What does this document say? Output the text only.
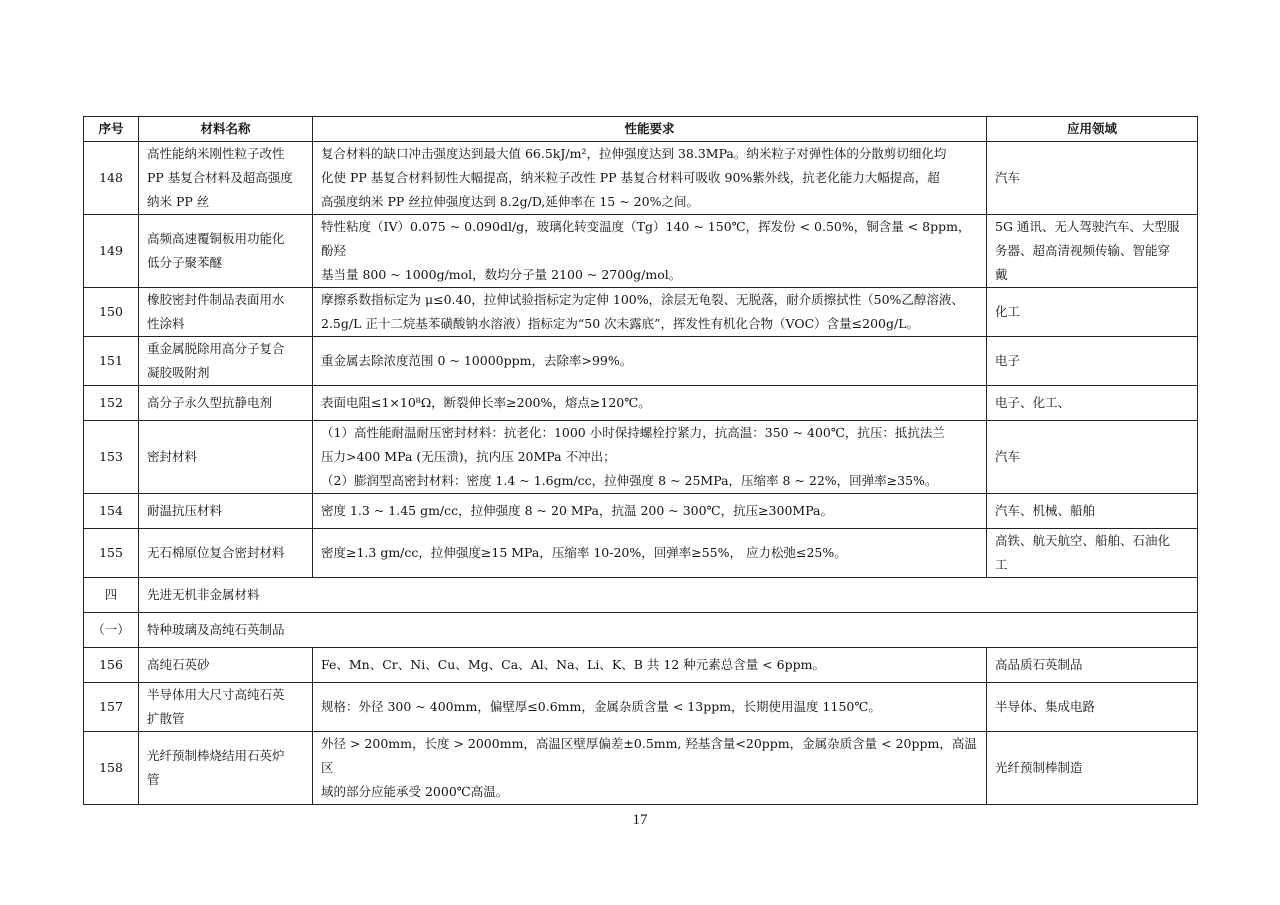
序号	材料名称	性能要求	应用领域
148	高性能纳米刚性粒子改性
PP 基复合材料及超高强度
纳米 PP 丝	复合材料的缺口冲击强度达到最大值 66.5kJ/m²，拉伸强度达到 38.3MPa。纳米粒子对弹性体的分散剪切细化均
化使 PP 基复合材料韧性大幅提高，纳米粒子改性 PP 基复合材料可吸收 90%紫外线，抗老化能力大幅提高，超
高强度纳米 PP 丝拉伸强度达到 8.2g/D,延伸率在 15 ~ 20%之间。	汽车

149	高频高速覆铜板用功能化
低分子聚苯醚	特性粘度（IV）0.075 ~ 0.090dl/g，玻璃化转变温度（Tg）140 ~ 150℃，挥发份 < 0.50%，铜含量 < 8ppm，酚羟
基当量 800 ~ 1000g/mol，数均分子量 2100 ~ 2700g/mol。	5G 通讯、无人驾驶汽车、大型服
务器、超高清视频传输、智能穿
戴

150	橡胶密封件制品表面用水
性涂料	摩擦系数指标定为 μ≤0.40，拉伸试验指标定为定伸 100%，涂层无龟裂、无脱落，耐介质擦拭性（50%乙醇溶液、
2.5g/L 正十二烷基苯磺酸钠水溶液）指标定为“50 次未露底”，挥发性有机化合物（VOC）含量≤200g/L。	化工

151	重金属脱除用高分子复合
凝胶吸附剂	重金属去除浓度范围 0 ~ 10000ppm，去除率>99%。	电子

152	高分子永久型抗静电剂	表面电阻≤1×10⁸Ω，断裂伸长率≥200%，熔点≥120℃。	电子、化工、

153	密封材料	（1）高性能耐温耐压密封材料：抗老化：1000 小时保持螺栓拧紧力，抗高温：350 ~ 400℃，抗压：抵抗法兰
压力>400 MPa (无压溃)，抗内压 20MPa 不冲出；
（2）膨润型高密封材料：密度 1.4 ~ 1.6gm/cc，拉伸强度 8 ~ 25MPa，压缩率 8 ~ 22%，回弹率≥35%。	汽车

154	耐温抗压材料	密度 1.3 ~ 1.45 gm/cc，拉伸强度 8 ~ 20 MPa，抗温 200 ~ 300℃，抗压≥300MPa。	汽车、机械、船舶

155	无石棉原位复合密封材料	密度≥1.3 gm/cc，拉伸强度≥15 MPa，压缩率 10-20%，回弹率≥55%， 应力松弛≤25%。	高铁、航天航空、船舶、石油化
工

四	先进无机非金属材料		
（一）	特种玻璃及高纯石英制品		
156	高纯石英砂	Fe、Mn、Cr、Ni、Cu、Mg、Ca、Al、Na、Li、K、B 共 12 种元素总含量 < 6ppm。	高品质石英制品

157	半导体用大尺寸高纯石英
扩散管	规格：外径 300 ~ 400mm，偏壁厚≤0.6mm，金属杂质含量 < 13ppm，长期使用温度 1150℃。	半导体、集成电路

158	光纤预制棒烧结用石英炉
管	外径 > 200mm，长度 > 2000mm，高温区壁厚偏差±0.5mm, 羟基含量<20ppm，金属杂质含量 < 20ppm，高温区
域的部分应能承受 2000℃高温。	光纤预制棒制造
17
